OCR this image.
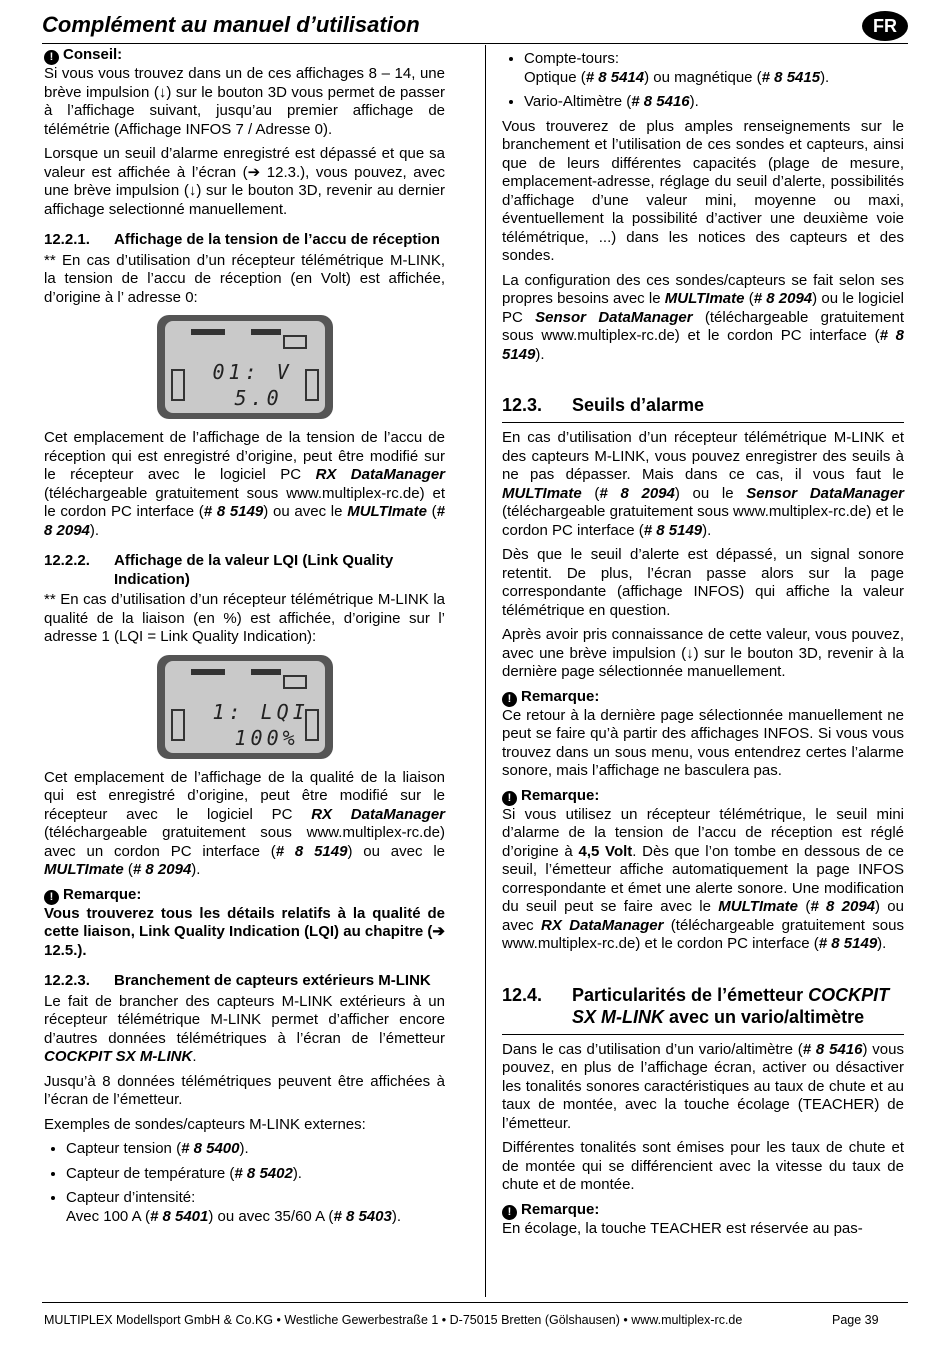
Complément au manuel d’utilisation	FR

! Conseil:

Si vous vous trouvez dans un de ces affichages 8 – 14, une brève impulsion (↓) sur le bouton 3D vous permet de passer à l’affichage suivant, jusqu’au premier affichage de télémétrie (Affichage INFOS 7 / Adresse 0).

Lorsque un seuil d’alarme enregistré est dépassé et que sa valeur est affichée à l’écran (➔ 12.3.), vous pouvez, avec une brève impulsion (↓) sur le bouton 3D, revenir au dernier affichage selectionné manuellement.

12.2.1.	Affichage de la tension de l’accu de réception

** En cas d’utilisation d’un récepteur télémétrique M-LINK, la tension de l’accu de réception (en Volt) est affichée, d’origine à l’ adresse 0:

01: V
5.0

Cet emplacement de l’affichage de la tension de l’accu de réception qui est enregistré d’origine, peut être modifié sur le récepteur avec le logiciel PC RX DataManager (téléchargeable gratuitement sous www.multiplex-rc.de) et le cordon PC interface (# 8 5149) ou avec le MULTImate (# 8 2094).

12.2.2.	Affichage de la valeur LQI (Link Quality Indication)

** En cas d’utilisation d’un récepteur télémétrique M-LINK la qualité de la liaison (en %) est affichée, d’origine sur l’ adresse 1 (LQI = Link Quality Indication):

1: LQI
100%

Cet emplacement de l’affichage de la qualité de la liaison qui est enregistré d’origine, peut être modifié sur le récepteur avec le logiciel PC RX DataManager (téléchargeable gratuitement sous www.multiplex-rc.de) avec un cordon PC interface (# 8 5149) ou avec le MULTImate (# 8 2094).

! Remarque:

Vous trouverez tous les détails relatifs à la qualité de cette liaison, Link Quality Indication (LQI) au chapitre (➔ 12.5.).

12.2.3.	Branchement de capteurs extérieurs M-LINK

Le fait de brancher des capteurs M-LINK extérieurs à un récepteur télémétrique M-LINK permet d’afficher encore d’autres données télémétriques à l’écran de l’émetteur COCKPIT SX M-LINK.

Jusqu’à 8 données télémétriques peuvent être affichées à l’écran de l’émetteur.

Exemples de sondes/capteurs M-LINK externes:

• Capteur tension (# 8 5400).
• Capteur de température (# 8 5402).
• Capteur d’intensité:
Avec 100 A (# 8 5401) ou avec 35/60 A (# 8 5403).
• Compte-tours:
Optique (# 8 5414) ou magnétique (# 8 5415).
• Vario-Altimètre (# 8 5416).

Vous trouverez de plus amples renseignements sur le branchement et l’utilisation de ces sondes et capteurs, ainsi que de leurs différentes capacités (plage de mesure, emplacement-adresse, réglage du seuil d’alerte, possibilités d’affichage d’une valeur mini, moyenne ou maxi, éventuellement la possibilité d’activer une deuxième voie télémétrique, ...) dans les notices des capteurs et des sondes.

La configuration des ces sondes/capteurs se fait selon ses propres besoins avec le MULTImate (# 8 2094) ou le logiciel PC Sensor DataManager (téléchargeable gratuitement sous www.multiplex-rc.de) et le cordon PC interface (# 8 5149).

12.3.	Seuils d’alarme

En cas d’utilisation d’un récepteur télémétrique M-LINK et des capteurs M-LINK, vous pouvez enregistrer des seuils à ne pas dépasser. Mais dans ce cas, il vous faut le MULTImate (# 8 2094) ou le Sensor DataManager (téléchargeable gratuitement sous www.multiplex-rc.de) et le cordon PC interface (# 8 5149).

Dès que le seuil d’alerte est dépassé, un signal sonore retentit. De plus, l’écran passe alors sur la page correspondante (affichage INFOS) qui affiche la valeur télémétrique en question.

Après avoir pris connaissance de cette valeur, vous pouvez, avec une brève impulsion (↓) sur le bouton 3D, revenir à la dernière page sélectionnée manuellement.

! Remarque:

Ce retour à la dernière page sélectionnée manuellement ne peut se faire qu’à partir des affichages INFOS. Si vous vous trouvez dans un sous menu, vous entendrez certes l’alarme sonore, mais l’affichage ne basculera pas.

! Remarque:

Si vous utilisez un récepteur télémétrique, le seuil mini d’alarme de la tension de l’accu de réception est réglé d’origine à 4,5 Volt. Dès que l’on tombe en dessous de ce seuil, l’émetteur affiche automatiquement la page INFOS correspondante et émet une alerte sonore. Une modification du seuil peut se faire avec le MULTImate (# 8 2094) ou avec RX DataManager (téléchargeable gratuitement sous www.multiplex-rc.de) et le cordon PC interface (# 8 5149).

12.4.	Particularités de l’émetteur COCKPIT SX M-LINK avec un vario/altimètre

Dans le cas d’utilisation d’un vario/altimètre (# 8 5416) vous pouvez, en plus de l’affichage écran, activer ou désactiver les tonalités sonores caractéristiques au taux de chute et au taux de montée, avec la touche écolage (TEACHER) de l’émetteur.

Différentes tonalités sont émises pour les taux de chute et de montée qui se différencient avec la vitesse du taux de chute et de montée.

! Remarque:

En écolage, la touche TEACHER est réservée au pas-

MULTIPLEX Modellsport GmbH & Co.KG • Westliche Gewerbestraße 1 • D-75015 Bretten (Gölshausen) • www.multiplex-rc.de	Page 39
